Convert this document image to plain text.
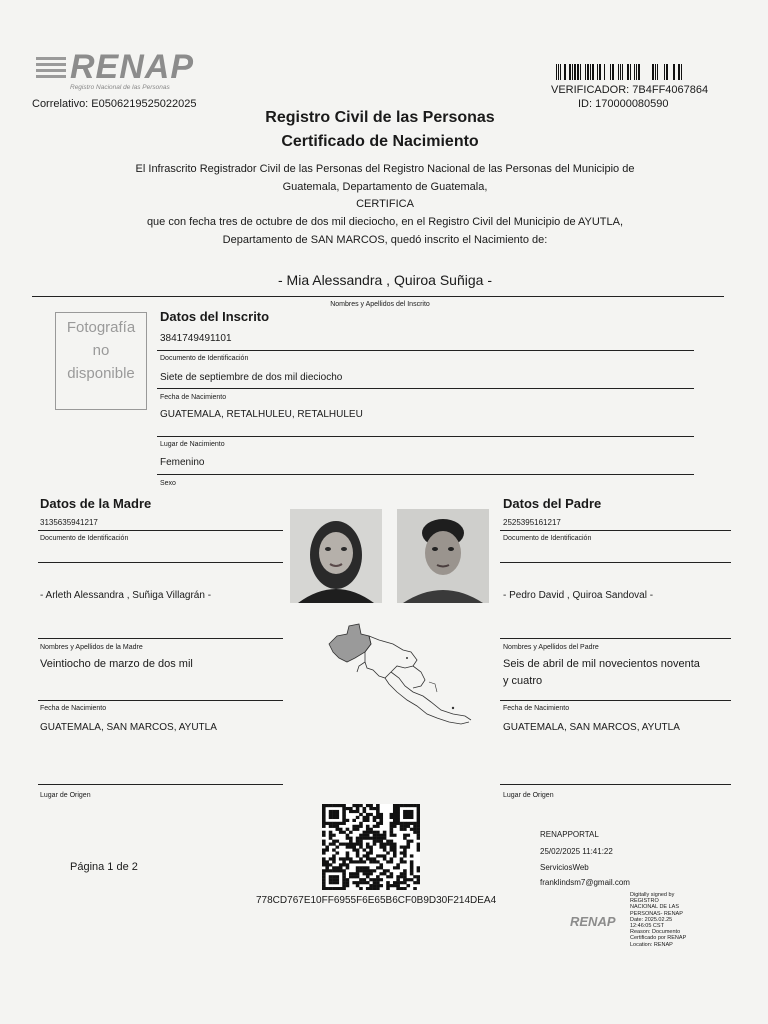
RENAP
Registro Nacional de las Personas
Correlativo: E0506219525022025
VERIFICADOR: 7B4FF4067864
ID: 170000080590
Registro Civil de las Personas
Certificado de Nacimiento
El Infrascrito Registrador Civil de las Personas del Registro Nacional de las Personas del Municipio de
Guatemala, Departamento de Guatemala,
CERTIFICA
que con fecha tres de octubre de dos mil dieciocho, en el Registro Civil del Municipio de AYUTLA,
Departamento de SAN MARCOS, quedó inscrito el Nacimiento de:
- Mia Alessandra , Quiroa Suñiga -
Nombres y Apellidos del Inscrito
Fotografía
no
disponible
Datos del Inscrito
3841749491101
Documento de Identificación
Siete de septiembre de dos mil dieciocho
Fecha de Nacimiento
GUATEMALA, RETALHULEU, RETALHULEU
Lugar de Nacimiento
Femenino
Sexo
Datos de la Madre
3135635941217
Documento de Identificación
- Arleth Alessandra , Suñiga Villagrán -
Nombres y Apellidos de la Madre
Veintiocho de marzo de dos mil
Fecha de Nacimiento
GUATEMALA, SAN MARCOS, AYUTLA
Lugar de Origen
Datos del Padre
2525395161217
Documento de Identificación
- Pedro David , Quiroa Sandoval -
Nombres y Apellidos del Padre
Seis de abril de mil novecientos noventa
y cuatro
Fecha de Nacimiento
GUATEMALA, SAN MARCOS, AYUTLA
Lugar de Origen
Página 1 de 2
778CD767E10FF6955F6E65B6CF0B9D30F214DEA4
RENAPPORTAL
25/02/2025 11:41:22
ServiciosWeb
franklindsm7@gmail.com
RENAP
Digitally signed by
REGISTRO
NACIONAL DE LAS
PERSONAS- RENAP
Date: 2025.02.25
12:46:05 CST
Reason: Documento
Certificado por RENAP
Location: RENAP
